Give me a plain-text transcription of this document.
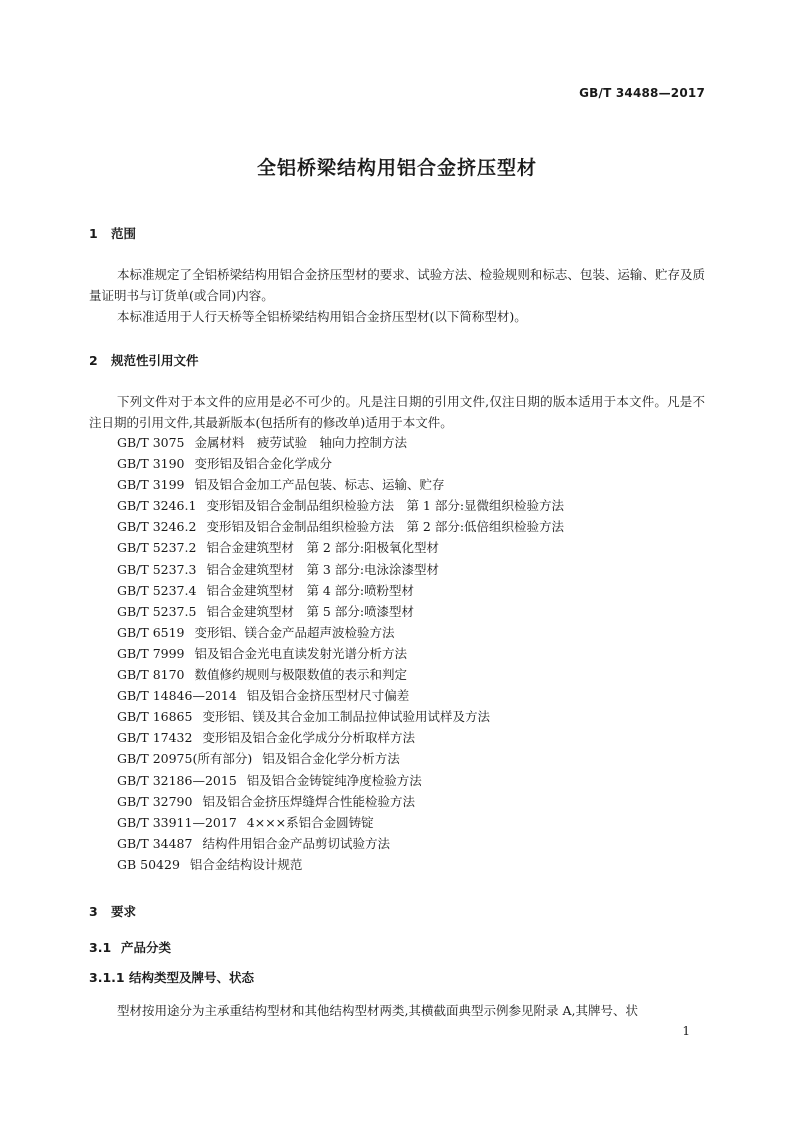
GB/T 34488—2017
全铝桥梁结构用铝合金挤压型材
1 范围
本标准规定了全铝桥梁结构用铝合金挤压型材的要求、试验方法、检验规则和标志、包装、运输、贮存及质量证明书与订货单(或合同)内容。
本标准适用于人行天桥等全铝桥梁结构用铝合金挤压型材(以下简称型材)。
2 规范性引用文件
下列文件对于本文件的应用是必不可少的。凡是注日期的引用文件,仅注日期的版本适用于本文件。凡是不注日期的引用文件,其最新版本(包括所有的修改单)适用于本文件。
GB/T 3075 金属材料　疲劳试验　轴向力控制方法
GB/T 3190 变形铝及铝合金化学成分
GB/T 3199 铝及铝合金加工产品包装、标志、运输、贮存
GB/T 3246.1 变形铝及铝合金制品组织检验方法　第 1 部分:显微组织检验方法
GB/T 3246.2 变形铝及铝合金制品组织检验方法　第 2 部分:低倍组织检验方法
GB/T 5237.2 铝合金建筑型材　第 2 部分:阳极氧化型材
GB/T 5237.3 铝合金建筑型材　第 3 部分:电泳涂漆型材
GB/T 5237.4 铝合金建筑型材　第 4 部分:喷粉型材
GB/T 5237.5 铝合金建筑型材　第 5 部分:喷漆型材
GB/T 6519 变形铝、镁合金产品超声波检验方法
GB/T 7999 铝及铝合金光电直读发射光谱分析方法
GB/T 8170 数值修约规则与极限数值的表示和判定
GB/T 14846—2014 铝及铝合金挤压型材尺寸偏差
GB/T 16865 变形铝、镁及其合金加工制品拉伸试验用试样及方法
GB/T 17432 变形铝及铝合金化学成分分析取样方法
GB/T 20975(所有部分) 铝及铝合金化学分析方法
GB/T 32186—2015 铝及铝合金铸锭纯净度检验方法
GB/T 32790 铝及铝合金挤压焊缝焊合性能检验方法
GB/T 33911—2017 4×××系铝合金圆铸锭
GB/T 34487 结构件用铝合金产品剪切试验方法
GB 50429 铝合金结构设计规范
3 要求
3.1 产品分类
3.1.1 结构类型及牌号、状态
型材按用途分为主承重结构型材和其他结构型材两类,其横截面典型示例参见附录 A,其牌号、状
1
